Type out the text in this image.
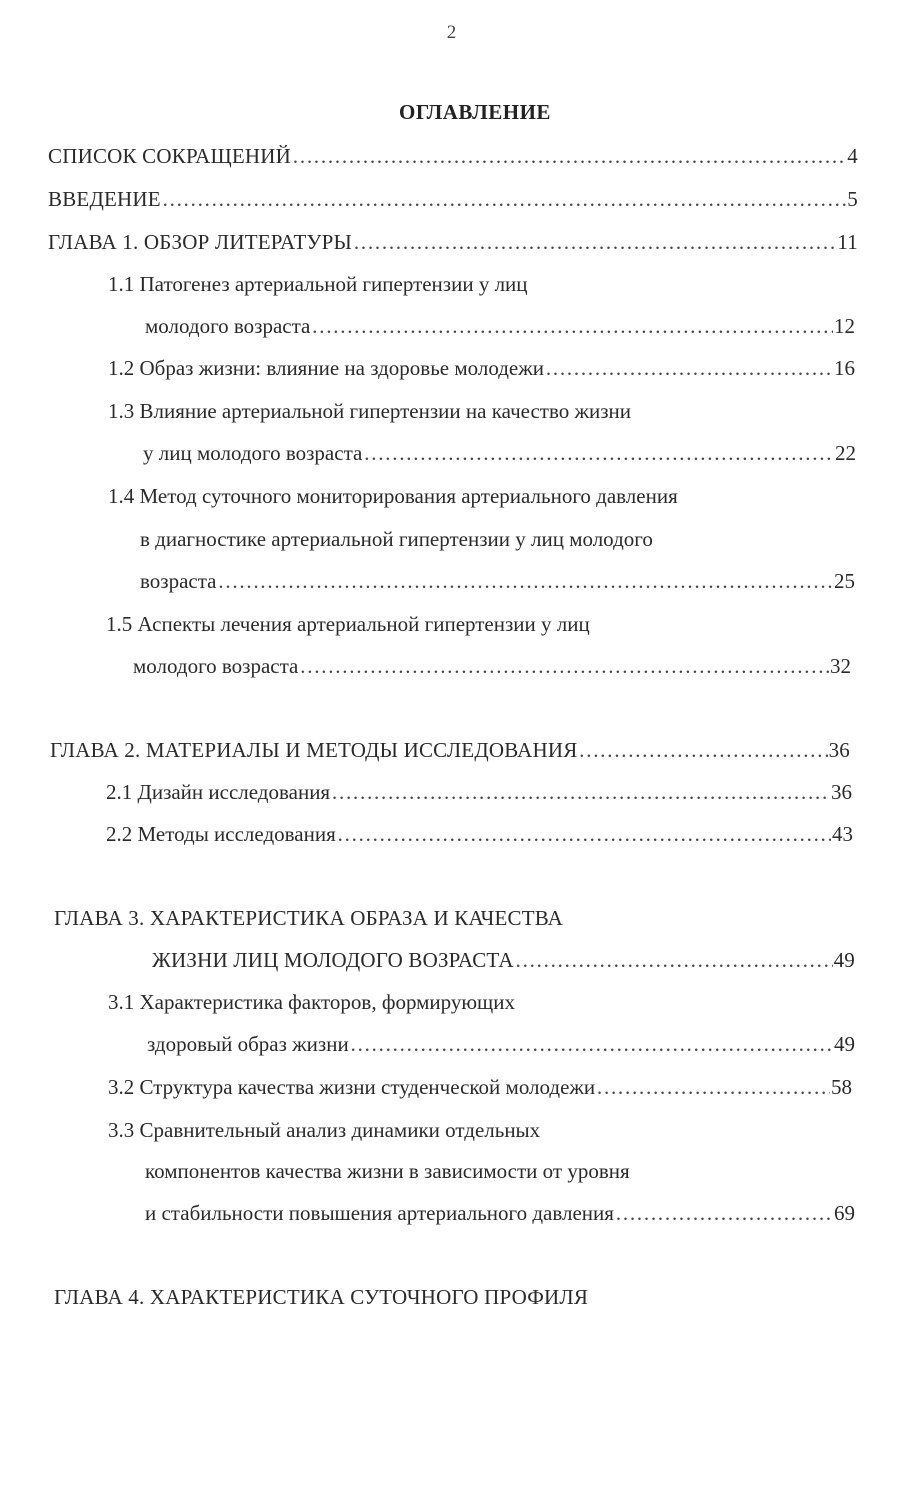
2
ОГЛАВЛЕНИЕ
СПИСОК СОКРАЩЕНИЙ ……………………………………………………………………………………………………………………………………………………	4
ВВЕДЕНИЕ ……………………………………………………………………………………………………………………………………………………	5
ГЛАВА 1. ОБЗОР ЛИТЕРАТУРЫ ……………………………………………………………………………………………………………………………………………………	11
1.1 Патогенез артериальной гипертензии у лиц
молодого возраста ……………………………………………………………………………………………………………………………………………………	12
1.2 Образ жизни: влияние на здоровье молодежи ……………………………………………………………………………………………………………………………………………………	16
1.3 Влияние артериальной гипертензии на качество жизни
у лиц молодого возраста ……………………………………………………………………………………………………………………………………………………	22
1.4 Метод суточного мониторирования артериального давления
в диагностике артериальной гипертензии у лиц молодого
возраста ……………………………………………………………………………………………………………………………………………………	25
1.5 Аспекты лечения артериальной гипертензии у лиц
молодого возраста ……………………………………………………………………………………………………………………………………………………	32
ГЛАВА 2. МАТЕРИАЛЫ И МЕТОДЫ ИССЛЕДОВАНИЯ ……………………………………………………………………………………………………………………………………………………	36
2.1 Дизайн исследования ……………………………………………………………………………………………………………………………………………………	36
2.2 Методы исследования ……………………………………………………………………………………………………………………………………………………	43
ГЛАВА 3. ХАРАКТЕРИСТИКА ОБРАЗА И КАЧЕСТВА
ЖИЗНИ ЛИЦ МОЛОДОГО ВОЗРАСТА ……………………………………………………………………………………………………………………………………………………	49
3.1 Характеристика факторов, формирующих
здоровый образ жизни ……………………………………………………………………………………………………………………………………………………	49
3.2 Структура качества жизни студенческой молодежи ……………………………………………………………………………………………………………………………………………………	58
3.3 Сравнительный анализ динамики отдельных
компонентов качества жизни в зависимости от уровня
и стабильности повышения артериального давления ……………………………………………………………………………………………………………………………………………………	69
ГЛАВА 4. ХАРАКТЕРИСТИКА СУТОЧНОГО ПРОФИЛЯ
